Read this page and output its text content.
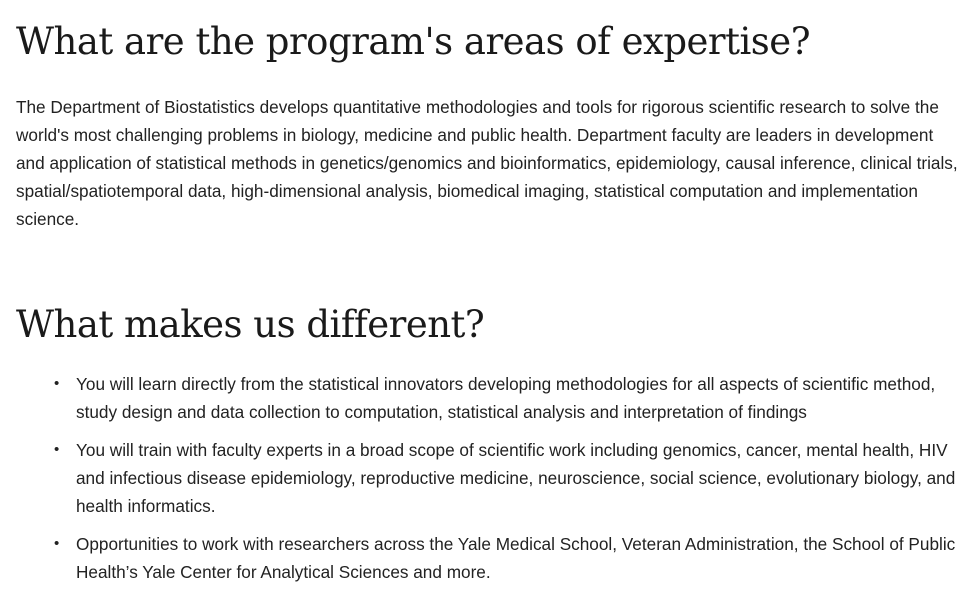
What are the program's areas of expertise?

The Department of Biostatistics develops quantitative methodologies and tools for rigorous scientific research to solve the world's most challenging problems in biology, medicine and public health. Department faculty are leaders in development and application of statistical methods in genetics/genomics and bioinformatics, epidemiology, causal inference, clinical trials, spatial/spatiotemporal data, high-dimensional analysis, biomedical imaging, statistical computation and implementation science.

What makes us different?
• You will learn directly from the statistical innovators developing methodologies for all aspects of scientific method, study design and data collection to computation, statistical analysis and interpretation of findings
• You will train with faculty experts in a broad scope of scientific work including genomics, cancer, mental health, HIV and infectious disease epidemiology, reproductive medicine, neuroscience, social science, evolutionary biology, and health informatics.
• Opportunities to work with researchers across the Yale Medical School, Veteran Administration, the School of Public Health’s Yale Center for Analytical Sciences and more.
